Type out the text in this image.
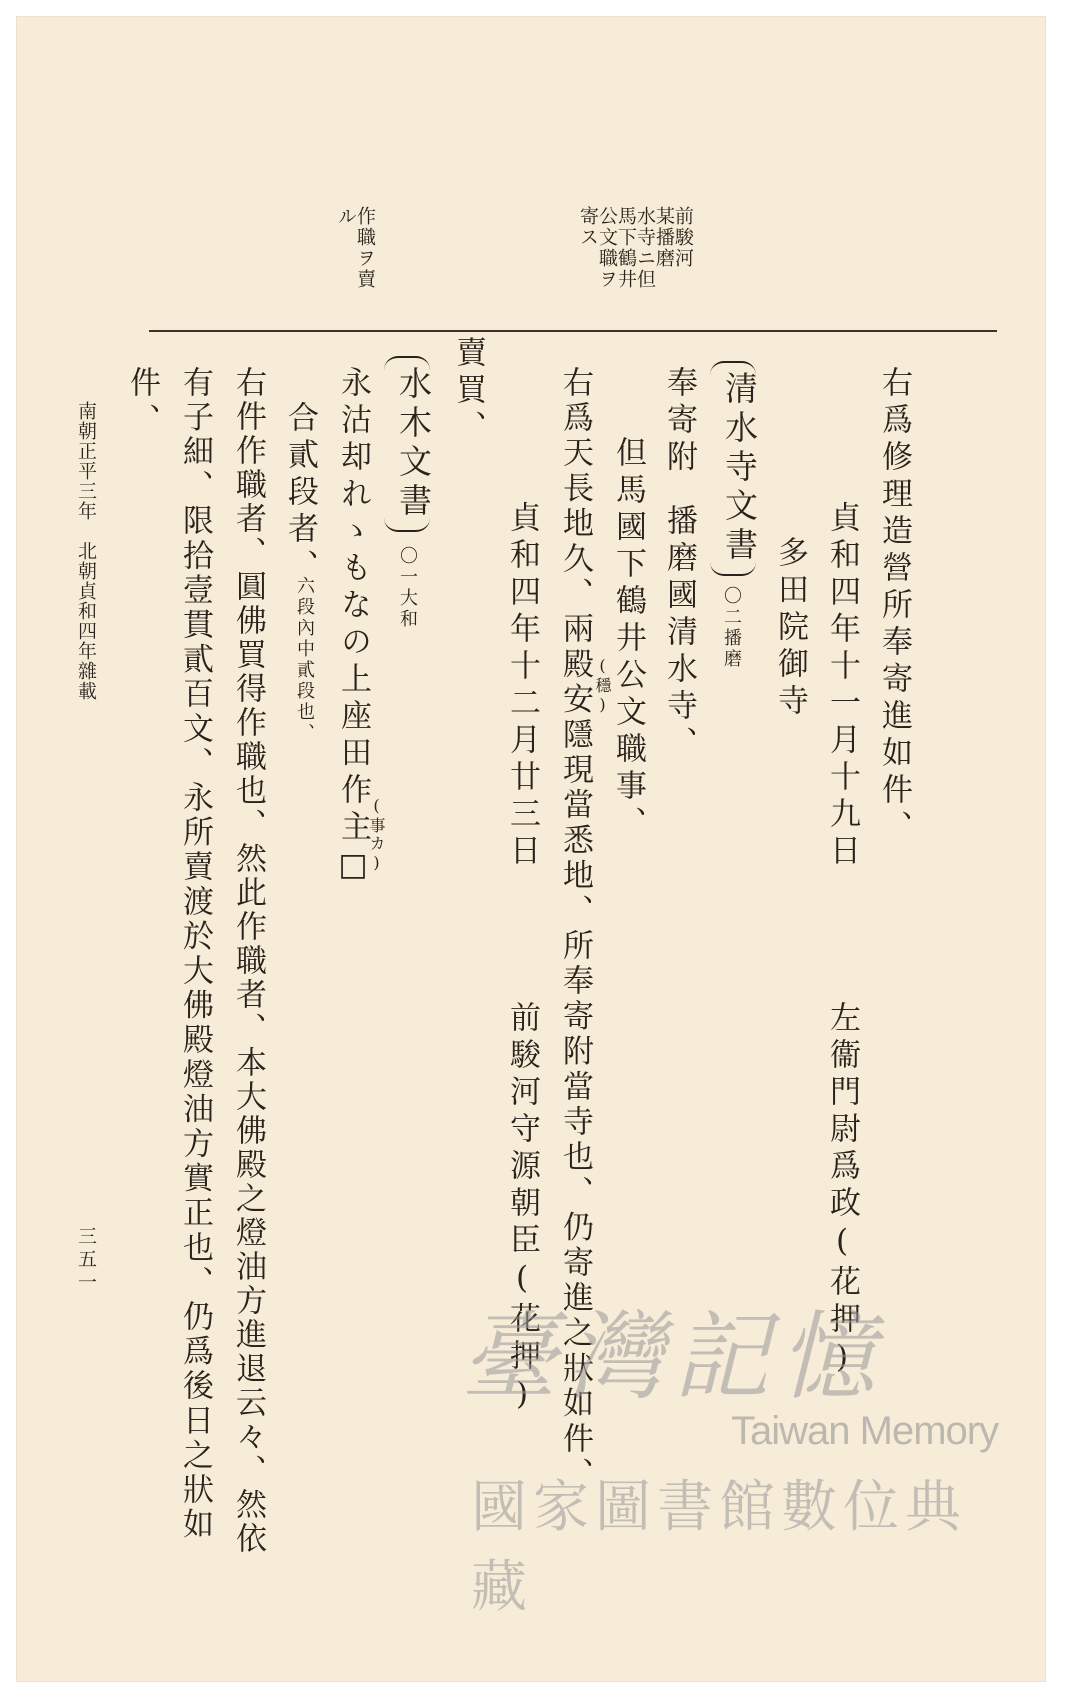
前駿河
某播磨
水寺ニ但
馬下鶴井
公文職ヲ
寄ス
作職ヲ賣
ル
右爲修理造營所奉寄進如件、
貞和四年十一月十九日
左衞門尉爲政(花押)
多田院御寺
清水寺文書
〇二播磨
奉寄附
播磨國清水寺、
但馬國下鶴井公文職事、
右爲天長地久、兩殿安隱現當悉地、所奉寄附當寺也、仍寄進之狀如件、 (穩)
貞和四年十二月廿三日
前駿河守源朝臣(花押)
賣買、
水木文書
〇一大和
永沽却れゝもなの上座田作主□
(事カ)
合貳段者、
六段內中貳段也、
右件作職者、圓佛買得作職也、然此作職者、本大佛殿之燈油方進退云々、然依
有子細、限拾壹貫貳百文、永所賣渡於大佛殿燈油方實正也、仍爲後日之狀如
件、
南朝正平三年　北朝貞和四年雜載
三五一
臺灣記憶
Taiwan Memory
國家圖書館數位典藏
